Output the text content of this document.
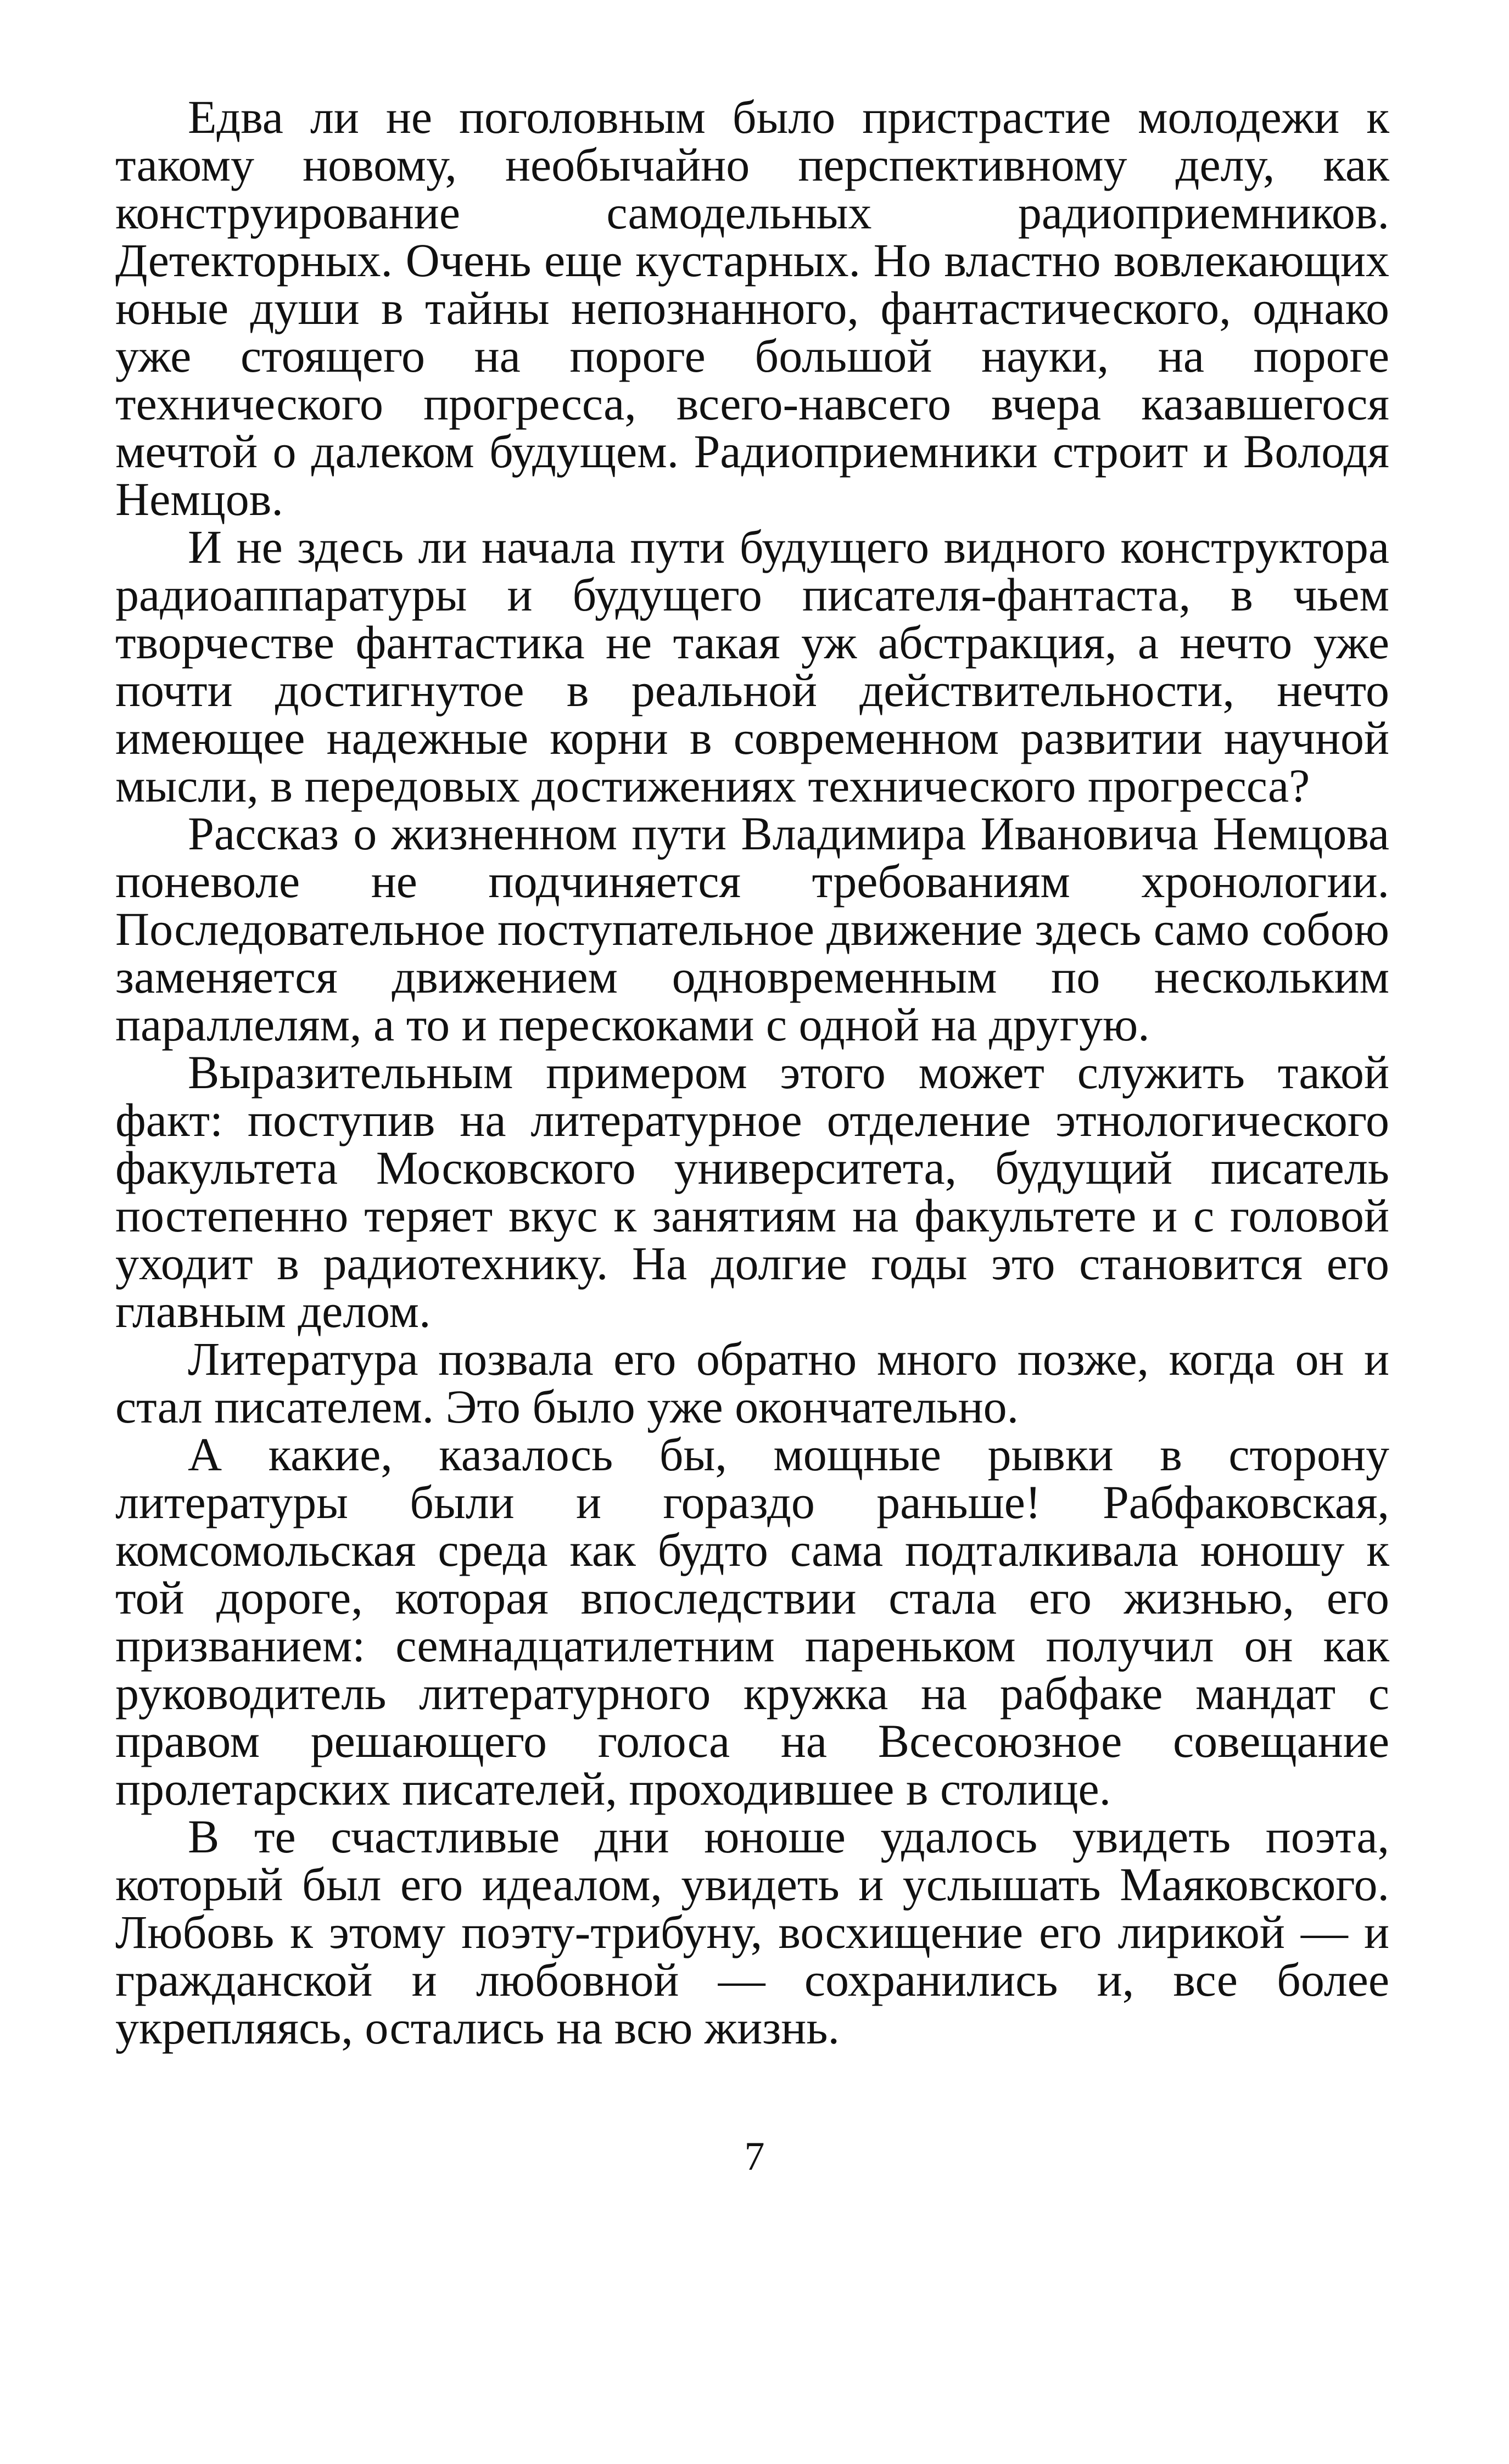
Едва ли не поголовным было пристрастие молодежи к такому новому, необычайно перспективному делу, как конструирование самодельных радиоприемников. Детекторных. Очень еще кустарных. Но властно вовлекающих юные души в тайны непознанного, фантастического, однако уже стоящего на пороге большой науки, на пороге технического прогресса, всего-навсего вчера казавшегося мечтой о далеком будущем. Радиоприемники строит и Володя Немцов.

И не здесь ли начала пути будущего видного конструктора радиоаппаратуры и будущего писателя-фантаста, в чьем творчестве фантастика не такая уж абстракция, а нечто уже почти достигнутое в реальной действительности, нечто имеющее надежные корни в современном развитии научной мысли, в передовых достижениях технического прогресса?

Рассказ о жизненном пути Владимира Ивановича Немцова поневоле не подчиняется требованиям хронологии. Последовательное поступательное движение здесь само собою заменяется движением одновременным по нескольким параллелям, а то и перескоками с одной на другую.

Выразительным примером этого может служить такой факт: поступив на литературное отделение этнологического факультета Московского университета, будущий писатель постепенно теряет вкус к занятиям на факультете и с головой уходит в радиотехнику. На долгие годы это становится его главным делом.

Литература позвала его обратно много позже, когда он и стал писателем. Это было уже окончательно.

А какие, казалось бы, мощные рывки в сторону литературы были и гораздо раньше! Рабфаковская, комсомольская среда как будто сама подталкивала юношу к той дороге, которая впоследствии стала его жизнью, его призванием: семнадцатилетним пареньком получил он как руководитель литературного кружка на рабфаке мандат с правом решающего голоса на Всесоюзное совещание пролетарских писателей, проходившее в столице.

В те счастливые дни юноше удалось увидеть поэта, который был его идеалом, увидеть и услышать Маяковского. Любовь к этому поэту-трибуну, восхищение его лирикой — и гражданской и любовной — сохранились и, все более укрепляясь, остались на всю жизнь.

7
